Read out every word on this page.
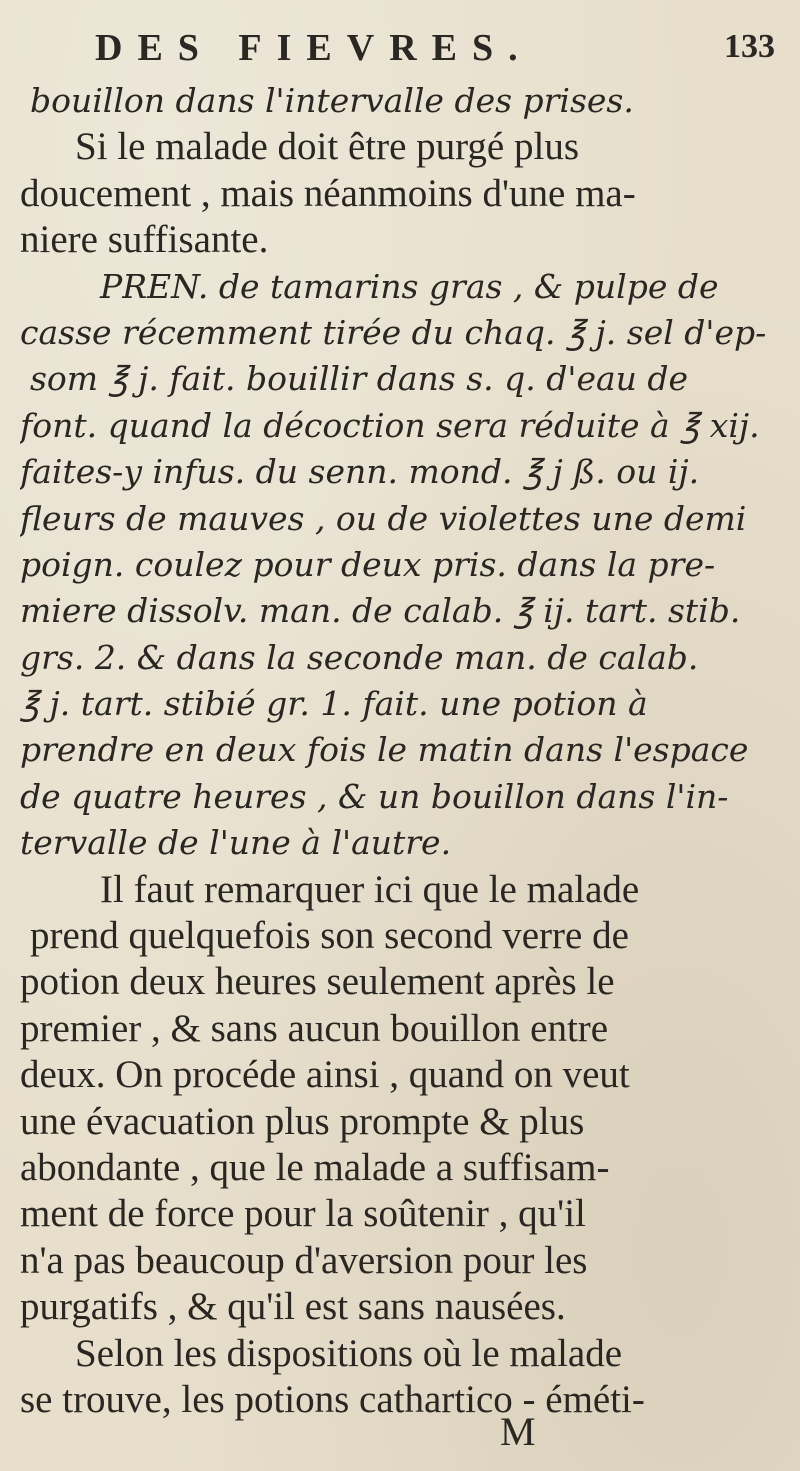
DES FIEVRES.	133
bouillon dans l'intervalle des prises.
Si le malade doit être purgé plus
doucement , mais néanmoins d'une ma-
niere suffisante.
PREN. de tamarins gras , & pulpe de
casse récemment tirée du chaq. ℥ j. sel d'ep-
som ℥ j. fait. bouillir dans s. q. d'eau de
font. quand la décoction sera réduite à ℥ xij.
faites-y infus. du senn. mond. ℥ j ß. ou ij.
fleurs de mauves , ou de violettes une demi
poign. coulez pour deux pris. dans la pre-
miere dissolv. man. de calab. ℥ ij. tart. stib.
grs. 2. & dans la seconde man. de calab.
℥ j. tart. stibié gr. 1. fait. une potion à
prendre en deux fois le matin dans l'espace
de quatre heures , & un bouillon dans l'in-
tervalle de l'une à l'autre.
Il faut remarquer ici que le malade
prend quelquefois son second verre de
potion deux heures seulement après le
premier , & sans aucun bouillon entre
deux. On procéde ainsi , quand on veut
une évacuation plus prompte & plus
abondante , que le malade a suffisam-
ment de force pour la soûtenir , qu'il
n'a pas beaucoup d'aversion pour les
purgatifs , & qu'il est sans nausées.
Selon les dispositions où le malade
se trouve, les potions cathartico - éméti-
M
